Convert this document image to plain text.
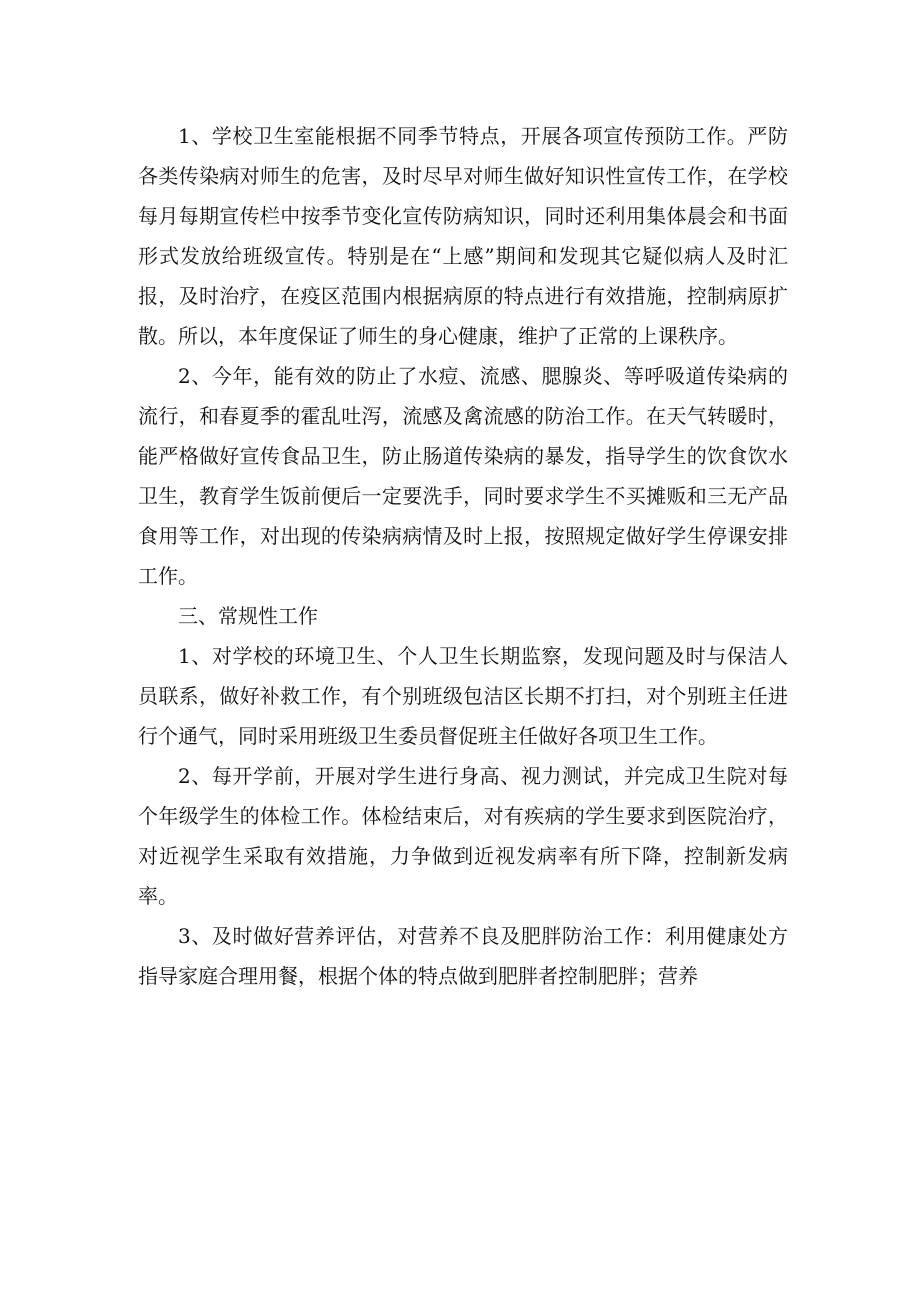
1、学校卫生室能根据不同季节特点，开展各项宣传预防工作。严防各类传染病对师生的危害，及时尽早对师生做好知识性宣传工作，在学校每月每期宣传栏中按季节变化宣传防病知识，同时还利用集体晨会和书面形式发放给班级宣传。特别是在“上感”期间和发现其它疑似病人及时汇报，及时治疗，在疫区范围内根据病原的特点进行有效措施，控制病原扩散。所以，本年度保证了师生的身心健康，维护了正常的上课秩序。

2、今年，能有效的防止了水痘、流感、腮腺炎、等呼吸道传染病的流行，和春夏季的霍乱吐泻，流感及禽流感的防治工作。在天气转暖时，能严格做好宣传食品卫生，防止肠道传染病的暴发，指导学生的饮食饮水卫生，教育学生饭前便后一定要洗手，同时要求学生不买摊贩和三无产品食用等工作，对出现的传染病病情及时上报，按照规定做好学生停课安排工作。

三、常规性工作

1、对学校的环境卫生、个人卫生长期监察，发现问题及时与保洁人员联系，做好补救工作，有个别班级包洁区长期不打扫，对个别班主任进行个通气，同时采用班级卫生委员督促班主任做好各项卫生工作。

2、每开学前，开展对学生进行身高、视力测试，并完成卫生院对每个年级学生的体检工作。体检结束后，对有疾病的学生要求到医院治疗，对近视学生采取有效措施，力争做到近视发病率有所下降，控制新发病率。

3、及时做好营养评估，对营养不良及肥胖防治工作：利用健康处方指导家庭合理用餐，根据个体的特点做到肥胖者控制肥胖；营养
